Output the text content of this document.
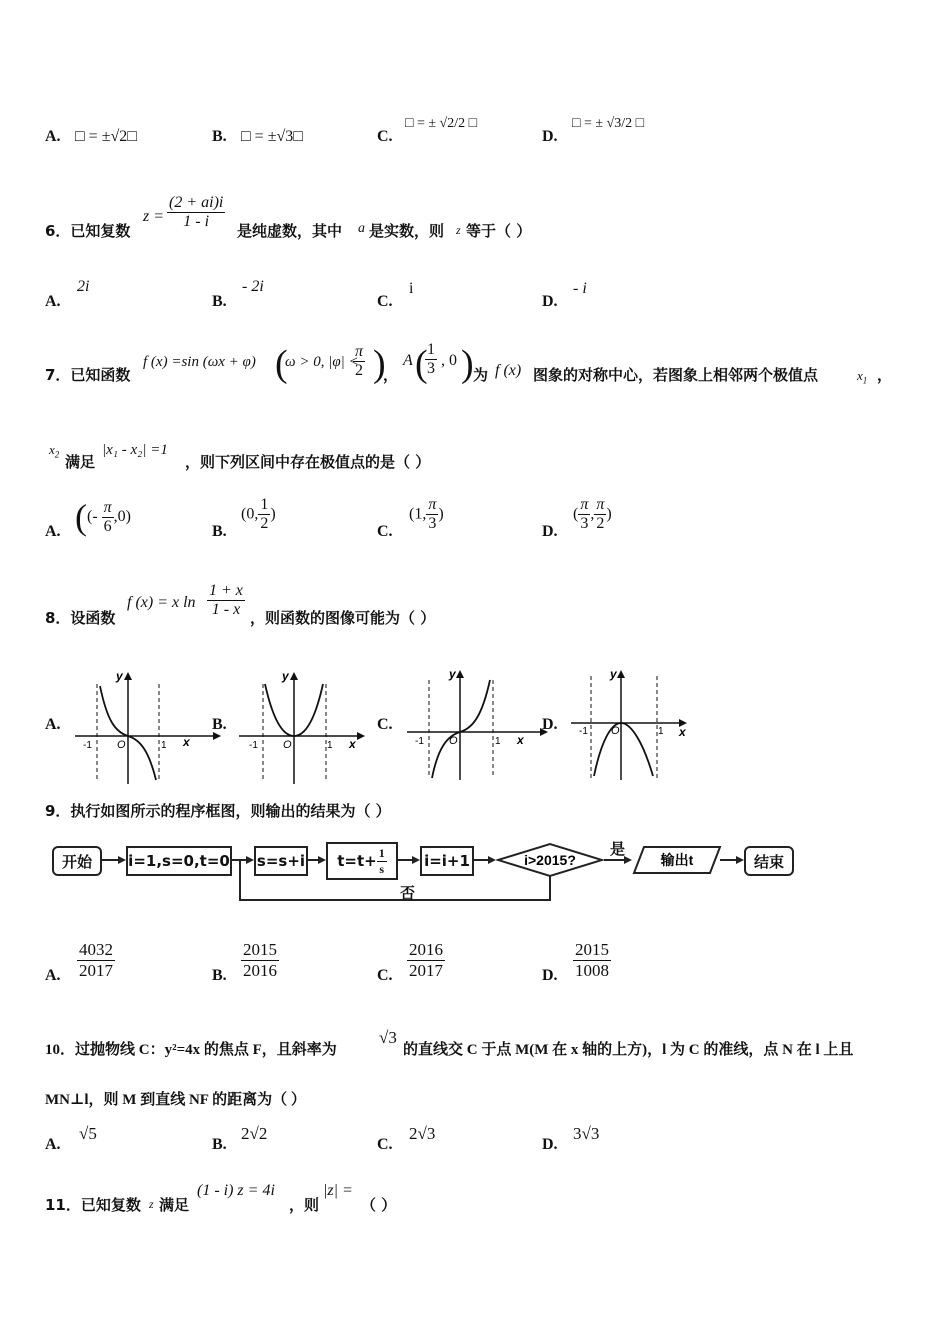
A. □ = ±√2□	B. □ = ±√3□	C.
□ = ± √2/2 □
D.
□ = ± √3/2 □
6．已知复数
$z = \frac{(2 + ai)i}{1 - i}$ 是纯虚数，其中 a 是实数，则 z 等于（ ）
A.
2i
B.
- 2i
C.
i
D.
- i
7．已知函数
f (x) =sin (ωx + φ) (
ω > 0, |φ| <
$\frac{\pi}{2}$ )
，
A (
$\frac{1}{3}$ , 0 ) 为 f (x) 图象的对称中心，若图象上相邻两个极值点	$x_1$ ，
$x_2$ 满足
|x₁ - x₂| =1
，则下列区间中存在极值点的是（ ）
A. ((- $\frac{\pi}{6} ,0$)
B.
(0, $\frac{1}{2}$ )
C.
(1, $\frac{\pi}{3}$ )
D.
( $\frac{\pi}{3}$ , $\frac{\pi}{2}$ )
8．设函数
f (x) = x $\ln \frac{1 + x}{1 - x}$ ，则函数的图像可能为（ ）
A.
y
x
-1 O	1
B.
y
x
-1 O	1
C.
y
x
-1 O	1
D.
y
x
-1 O	1
9．执行如图所示的程序框图，则输出的结果为（ ）
开始	i=1,s=0,t=0 s=s+i $t=t+ \frac{1}{s} i=i+1$	i>2015?
是
输出t	结束
否
A. $\frac{4032}{2017}$	B. $\frac{2015}{2016}$	C. $\frac{2016}{2017}$	D. $\frac{2015}{1008}$
10．过抛物线 C：y²=4x 的焦点 F，且斜率为
√3
的直线交 C 于点 M(M 在 x 轴的上方)，l 为 C 的准线，点 N 在 l 上且
MN⊥l，则 M 到直线 NF 的距离为（ ）
A.
√5
B.
2√2
C.
2√3
D.
3√3
11．已知复数 z 满足
(1 - i) z = 4i
，则
|z| =
（ ）
